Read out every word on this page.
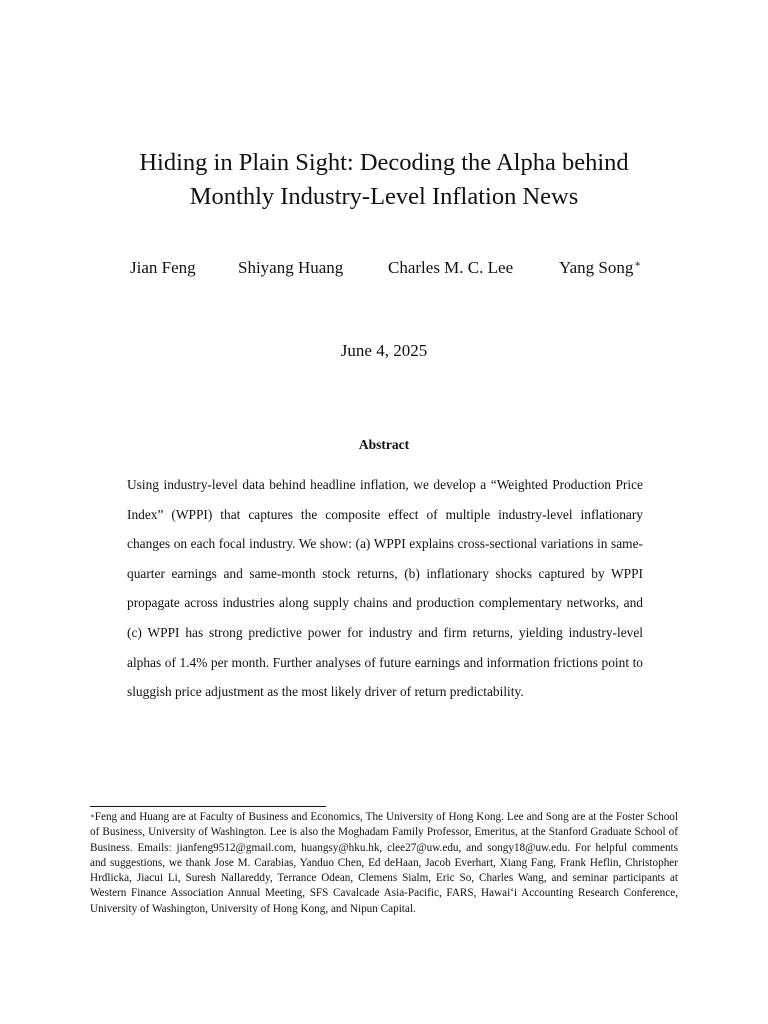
Hiding in Plain Sight: Decoding the Alpha behind
Monthly Industry-Level Inflation News
Jian Feng Shiyang Huang	Charles M. C. Lee	Yang Song∗
June 4, 2025
Abstract

Using industry-level data behind headline inflation, we develop a “Weighted Production Price Index” (WPPI) that captures the composite effect of multiple industry-level inflationary changes on each focal industry. We show: (a) WPPI explains cross-sectional variations in same-quarter earnings and same-month stock returns, (b) inflationary shocks captured by WPPI propagate across industries along supply chains and production complementary networks, and (c) WPPI has strong predictive power for industry and firm returns, yielding industry-level alphas of 1.4% per month. Further analyses of future earnings and information frictions point to sluggish price adjustment as the most likely driver of return predictability.

∗Feng and Huang are at Faculty of Business and Economics, The University of Hong Kong. Lee and Song are at the Foster School of Business, University of Washington. Lee is also the Moghadam Family Professor, Emeritus, at the Stanford Graduate School of Business. Emails: jianfeng9512@gmail.com, huangsy@hku.hk, clee27@uw.edu, and songy18@uw.edu. For helpful comments and suggestions, we thank Jose M. Carabias, Yanduo Chen, Ed deHaan, Jacob Everhart, Xiang Fang, Frank Heflin, Christopher Hrdlicka, Jiacui Li, Suresh Nallareddy, Terrance Odean, Clemens Sialm, Eric So, Charles Wang, and seminar participants at Western Finance Association Annual Meeting, SFS Cavalcade Asia-Pacific, FARS, Hawai‘i Accounting Research Conference, University of Washington, University of Hong Kong, and Nipun Capital.
